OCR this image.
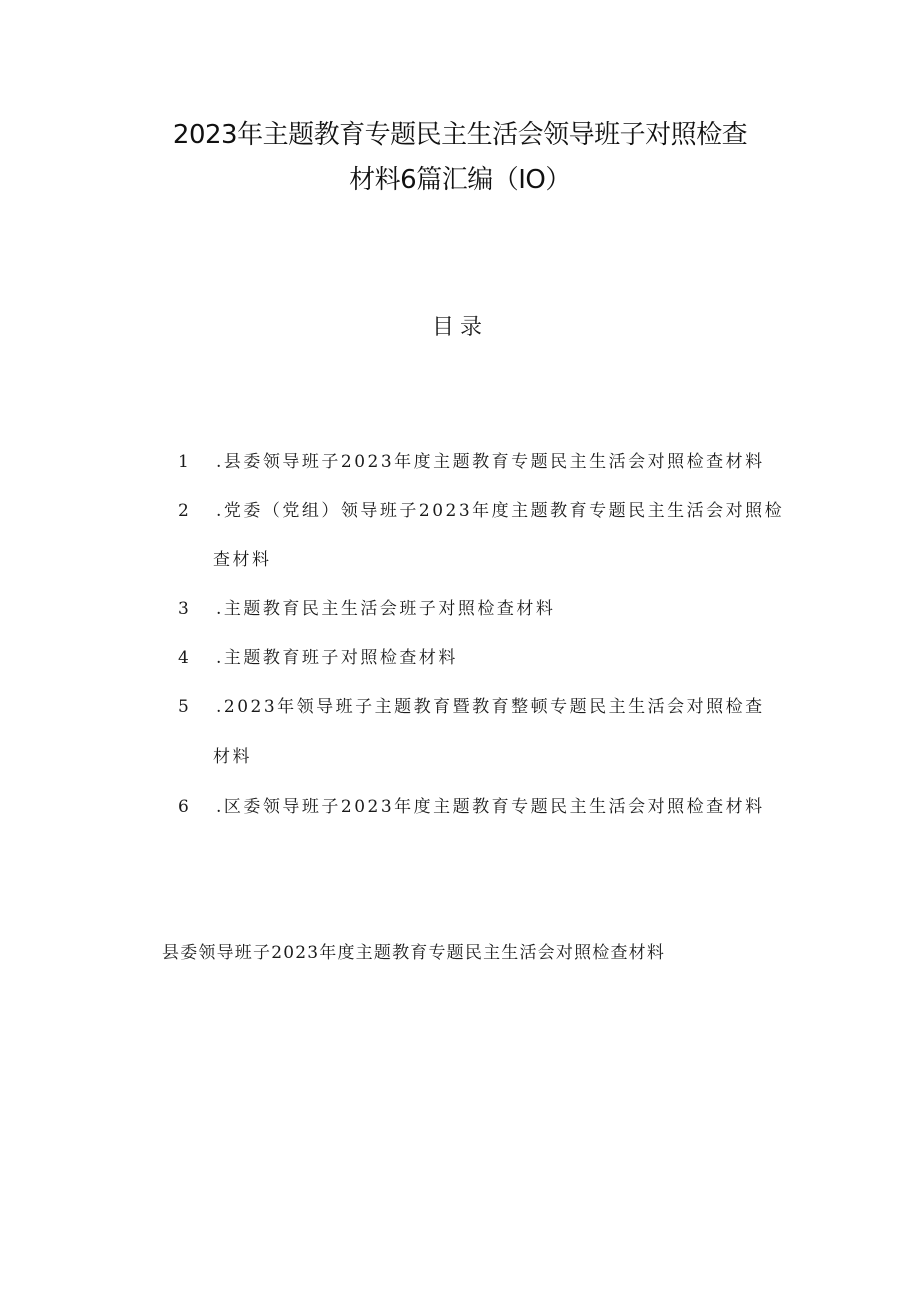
2023年主题教育专题民主生活会领导班子对照检查
材料6篇汇编（IO）
目录
1 .县委领导班子2023年度主题教育专题民主生活会对照检查材料
2 .党委（党组）领导班子2023年度主题教育专题民主生活会对照检
查材料
3 .主题教育民主生活会班子对照检查材料
4 .主题教育班子对照检查材料
5 .2023年领导班子主题教育暨教育整顿专题民主生活会对照检查
材料
6 .区委领导班子2023年度主题教育专题民主生活会对照检查材料
县委领导班子2023年度主题教育专题民主生活会对照检查材料
